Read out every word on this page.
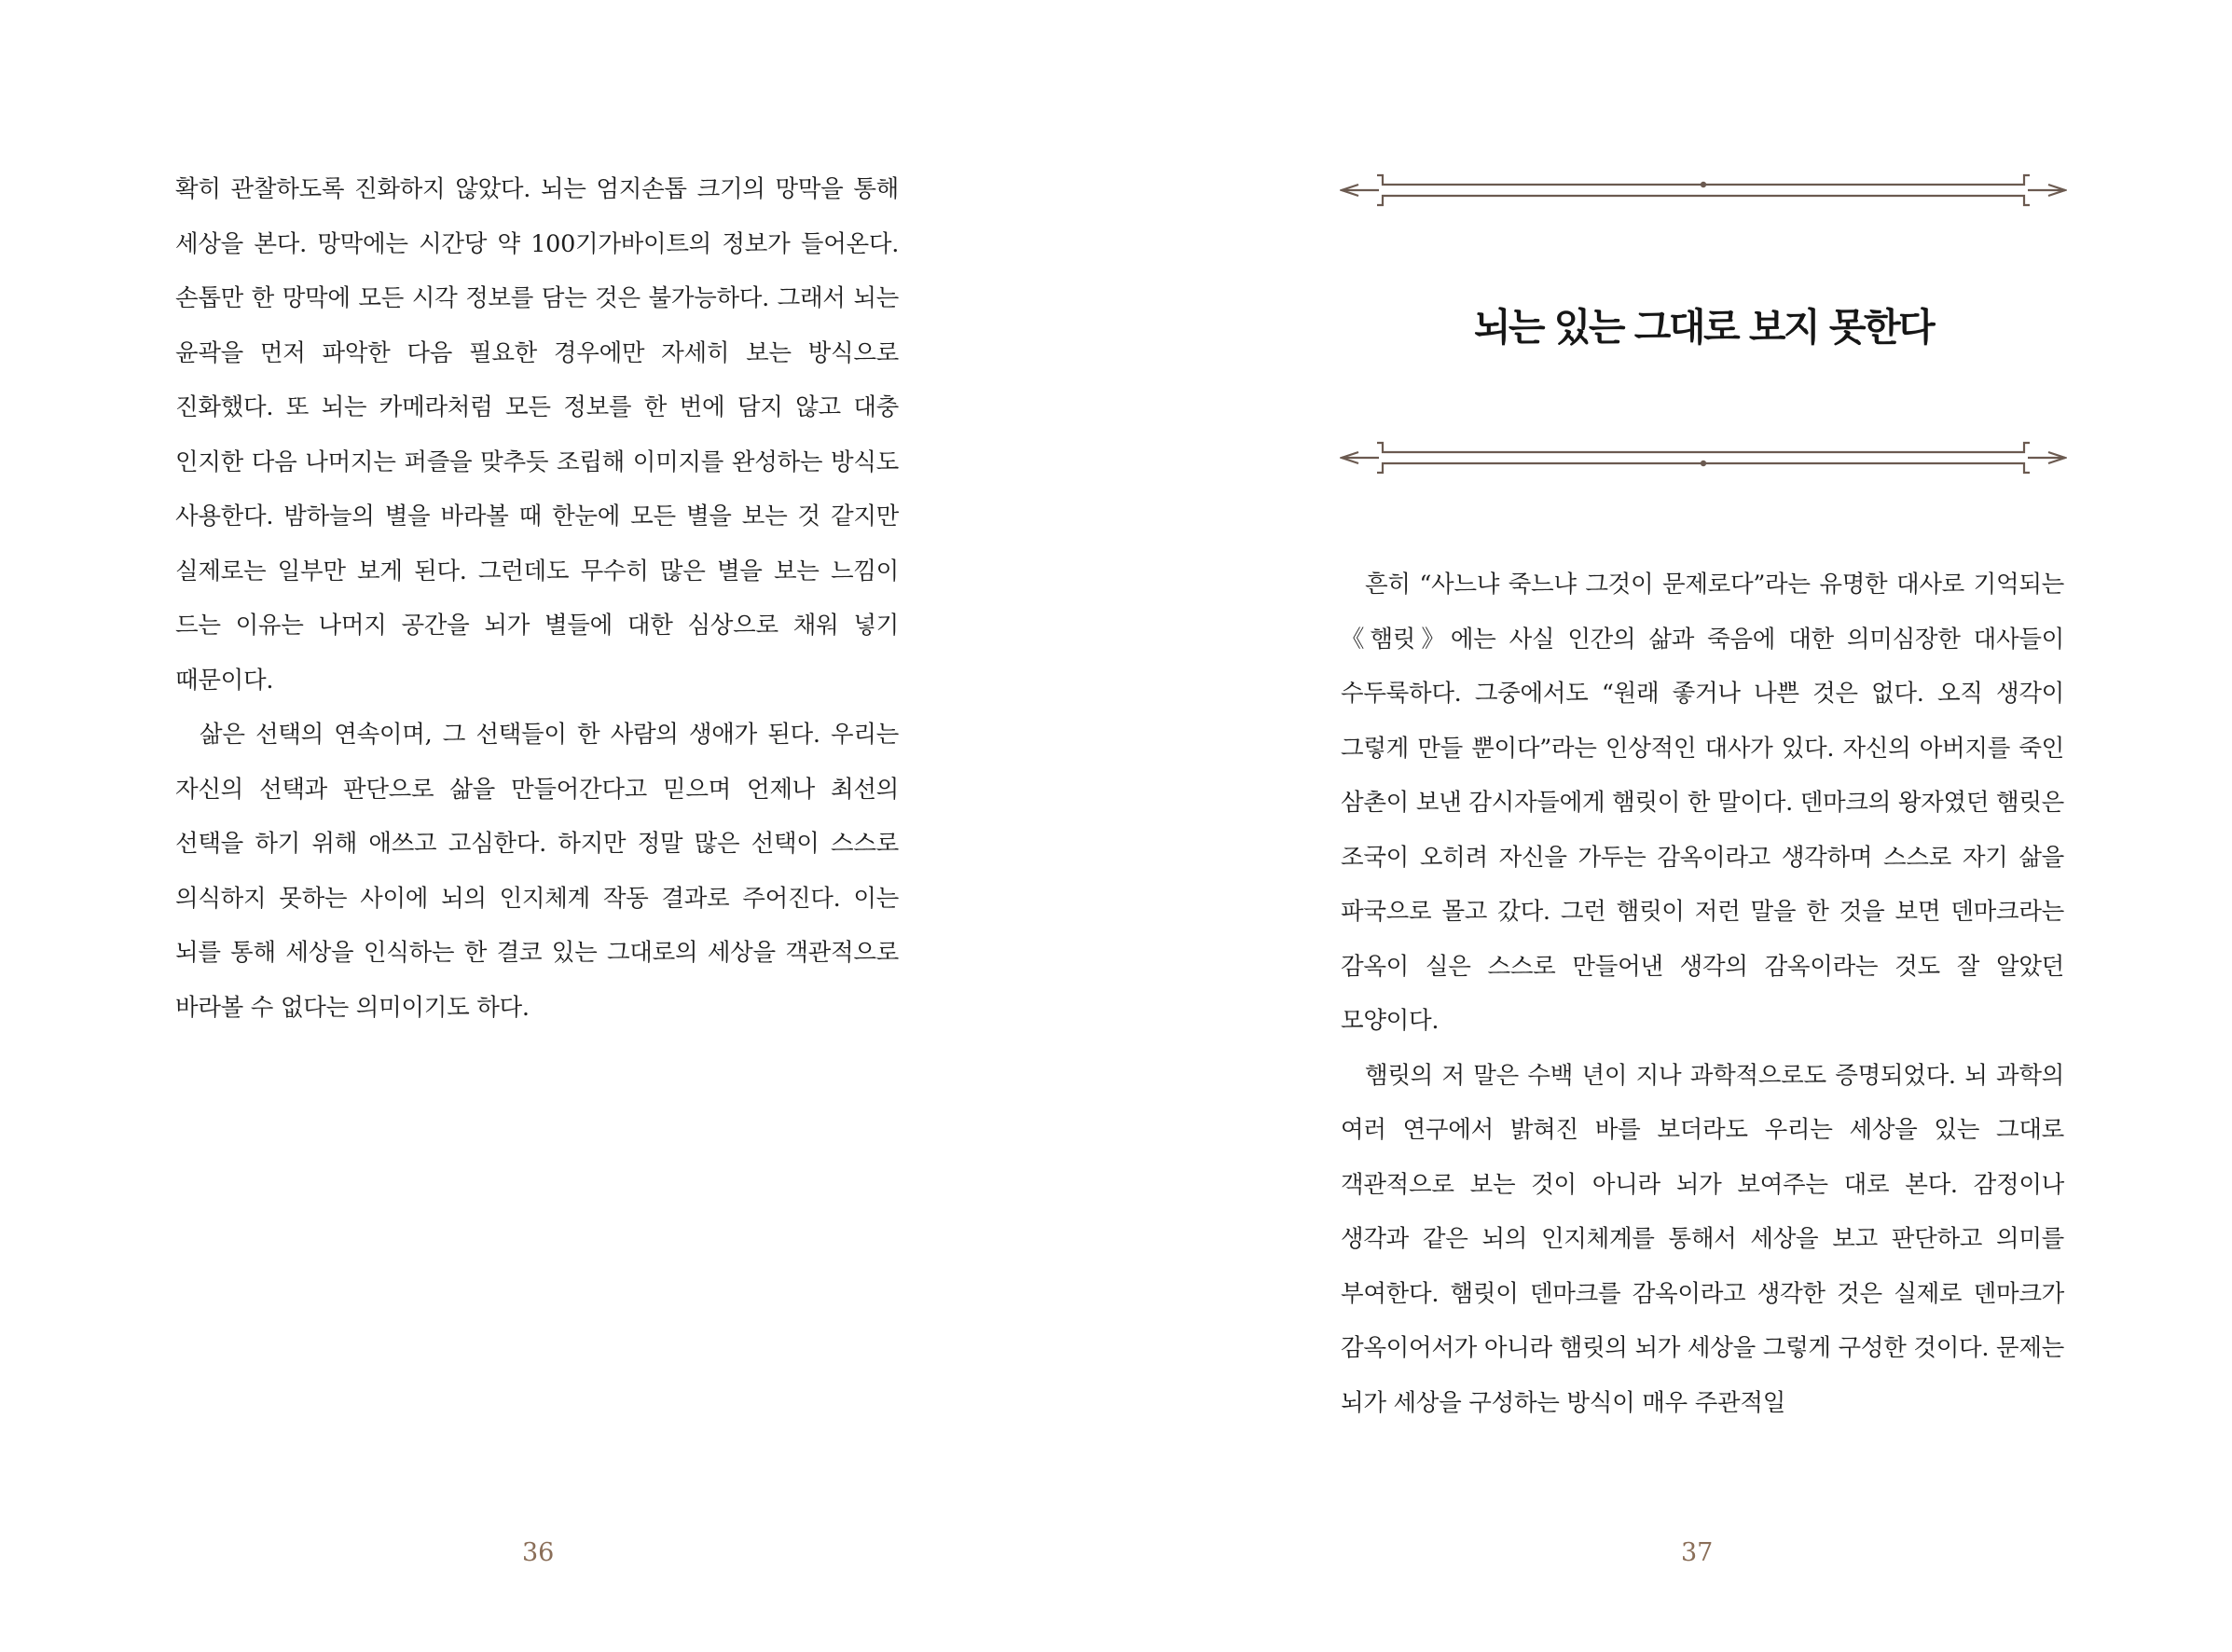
확히 관찰하도록 진화하지 않았다. 뇌는 엄지손톱 크기의 망막을 통해 세상을 본다. 망막에는 시간당 약 100기가바이트의 정보가 들어온다. 손톱만 한 망막에 모든 시각 정보를 담는 것은 불가능하다. 그래서 뇌는 윤곽을 먼저 파악한 다음 필요한 경우에만 자세히 보는 방식으로 진화했다. 또 뇌는 카메라처럼 모든 정보를 한 번에 담지 않고 대충 인지한 다음 나머지는 퍼즐을 맞추듯 조립해 이미지를 완성하는 방식도 사용한다. 밤하늘의 별을 바라볼 때 한눈에 모든 별을 보는 것 같지만 실제로는 일부만 보게 된다. 그런데도 무수히 많은 별을 보는 느낌이 드는 이유는 나머지 공간을 뇌가 별들에 대한 심상으로 채워 넣기 때문이다.

삶은 선택의 연속이며, 그 선택들이 한 사람의 생애가 된다. 우리는 자신의 선택과 판단으로 삶을 만들어간다고 믿으며 언제나 최선의 선택을 하기 위해 애쓰고 고심한다. 하지만 정말 많은 선택이 스스로 의식하지 못하는 사이에 뇌의 인지체계 작동 결과로 주어진다. 이는 뇌를 통해 세상을 인식하는 한 결코 있는 그대로의 세상을 객관적으로 바라볼 수 없다는 의미이기도 하다.

36
뇌는 있는 그대로 보지 못한다

흔히 “사느냐 죽느냐 그것이 문제로다”라는 유명한 대사로 기억되는 《햄릿》에는 사실 인간의 삶과 죽음에 대한 의미심장한 대사들이 수두룩하다. 그중에서도 “원래 좋거나 나쁜 것은 없다. 오직 생각이 그렇게 만들 뿐이다”라는 인상적인 대사가 있다. 자신의 아버지를 죽인 삼촌이 보낸 감시자들에게 햄릿이 한 말이다. 덴마크의 왕자였던 햄릿은 조국이 오히려 자신을 가두는 감옥이라고 생각하며 스스로 자기 삶을 파국으로 몰고 갔다. 그런 햄릿이 저런 말을 한 것을 보면 덴마크라는 감옥이 실은 스스로 만들어낸 생각의 감옥이라는 것도 잘 알았던 모양이다.

햄릿의 저 말은 수백 년이 지나 과학적으로도 증명되었다. 뇌 과학의 여러 연구에서 밝혀진 바를 보더라도 우리는 세상을 있는 그대로 객관적으로 보는 것이 아니라 뇌가 보여주는 대로 본다. 감정이나 생각과 같은 뇌의 인지체계를 통해서 세상을 보고 판단하고 의미를 부여한다. 햄릿이 덴마크를 감옥이라고 생각한 것은 실제로 덴마크가 감옥이어서가 아니라 햄릿의 뇌가 세상을 그렇게 구성한 것이다. 문제는 뇌가 세상을 구성하는 방식이 매우 주관적일

37
